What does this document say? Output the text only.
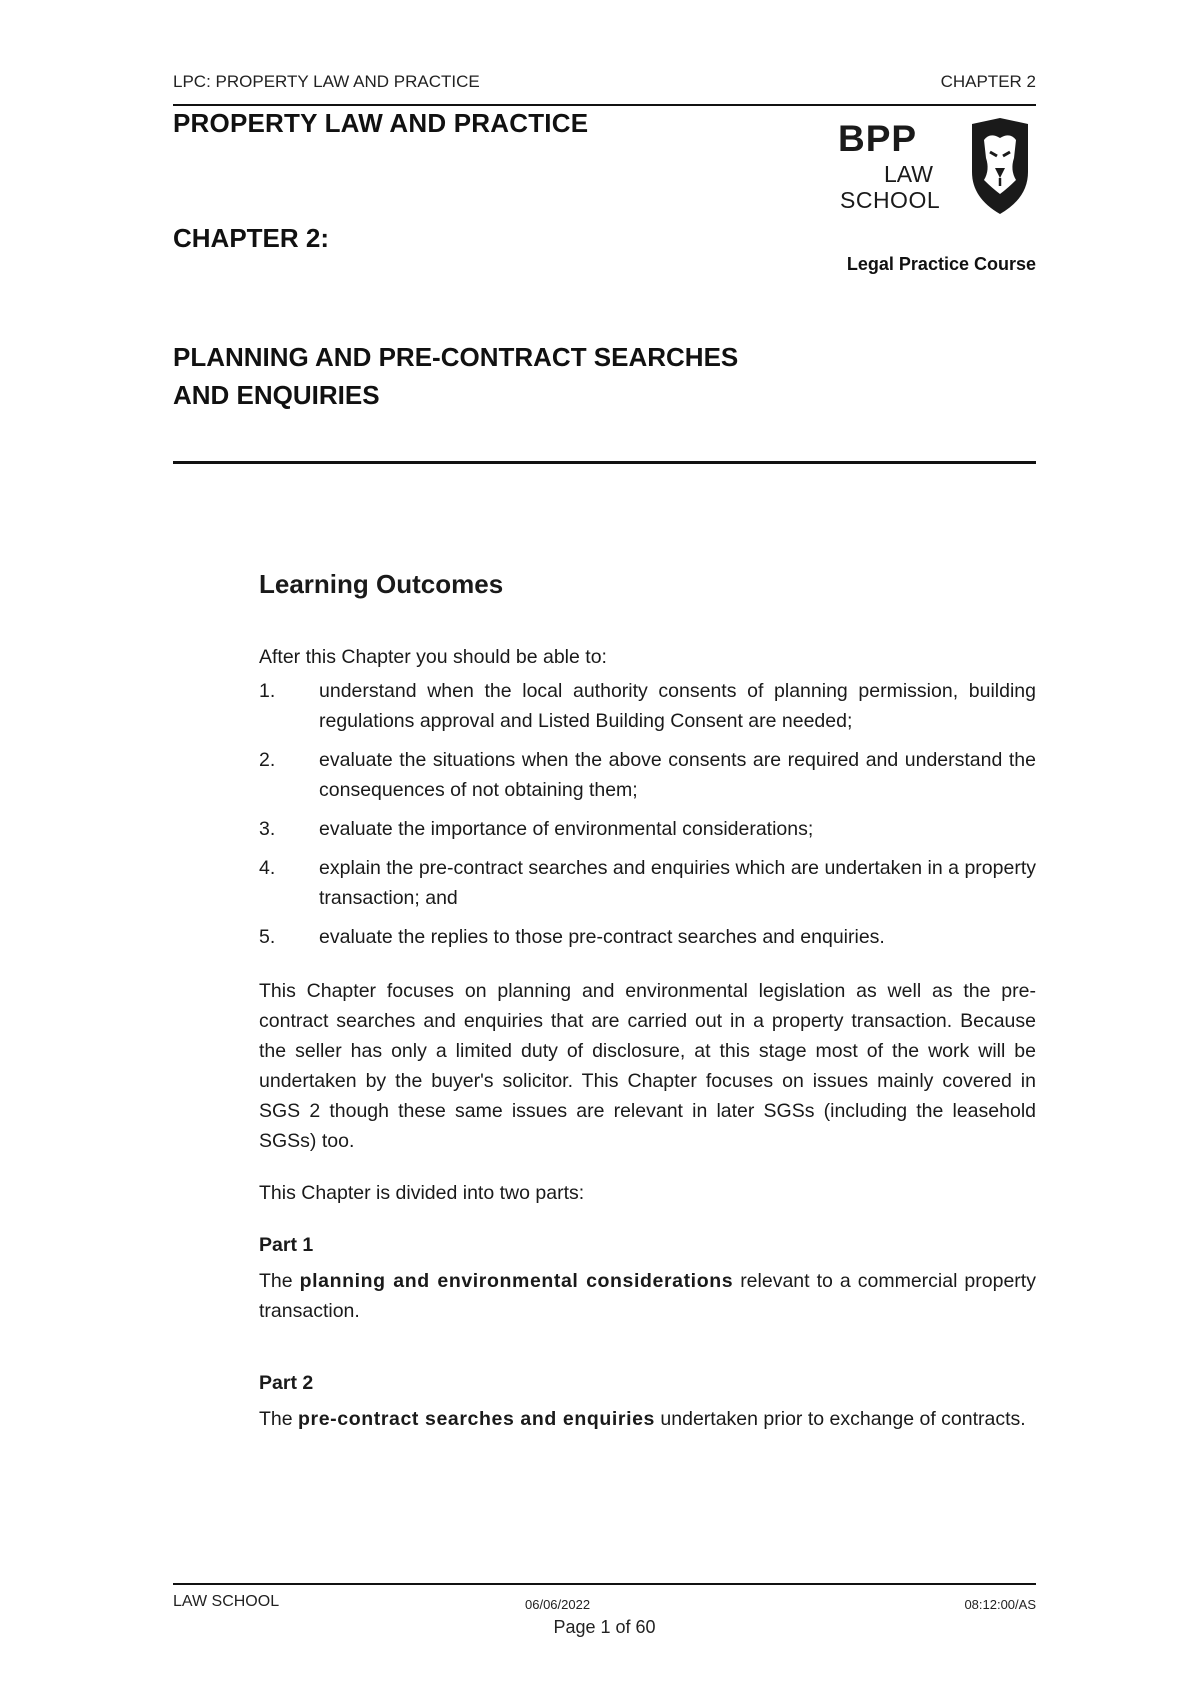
LPC: PROPERTY LAW AND PRACTICE	CHAPTER 2
PROPERTY LAW AND PRACTICE	BPP
LAW
SCHOOL
CHAPTER 2:
Legal Practice Course
PLANNING AND PRE-CONTRACT SEARCHES
AND ENQUIRIES
Learning Outcomes

After this Chapter you should be able to:

1. understand when the local authority consents of planning permission, building regulations approval and Listed Building Consent are needed;
2. evaluate the situations when the above consents are required and understand the consequences of not obtaining them;
3. evaluate the importance of environmental considerations;
4. explain the pre-contract searches and enquiries which are undertaken in a property transaction; and
5. evaluate the replies to those pre-contract searches and enquiries.

This Chapter focuses on planning and environmental legislation as well as the pre-contract searches and enquiries that are carried out in a property transaction. Because the seller has only a limited duty of disclosure, at this stage most of the work will be undertaken by the buyer's solicitor. This Chapter focuses on issues mainly covered in SGS 2 though these same issues are relevant in later SGSs (including the leasehold SGSs) too.

This Chapter is divided into two parts:

Part 1

The planning and environmental considerations relevant to a commercial property transaction.

Part 2

The pre-contract searches and enquiries undertaken prior to exchange of contracts.

LAW SCHOOL	06/06/2022	08:12:00/AS
Page 1 of 60
